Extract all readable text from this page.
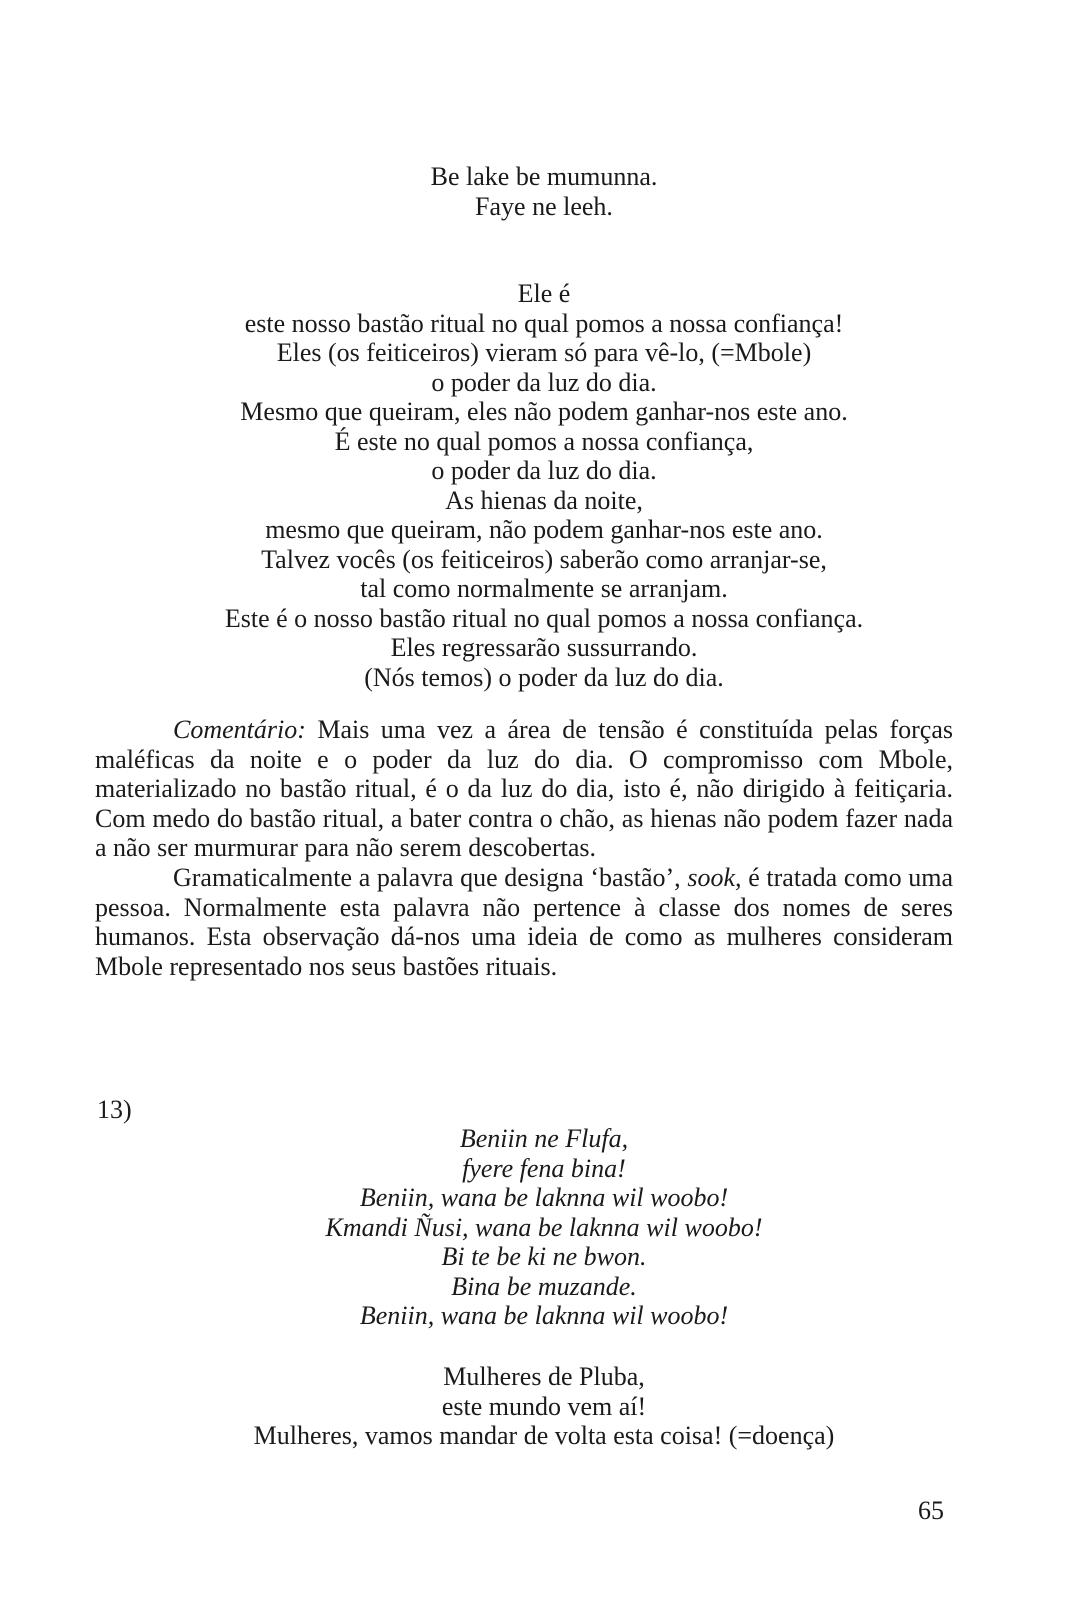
Be lake be mumunna.
Faye ne leeh.
Ele é
este nosso bastão ritual no qual pomos a nossa confiança!
Eles (os feiticeiros) vieram só para vê-lo, (=Mbole)
o poder da luz do dia.
Mesmo que queiram, eles não podem ganhar-nos este ano.
É este no qual pomos a nossa confiança,
o poder da luz do dia.
As hienas da noite,
mesmo que queiram, não podem ganhar-nos este ano.
Talvez vocês (os feiticeiros) saberão como arranjar-se,
tal como normalmente se arranjam.
Este é o nosso bastão ritual no qual pomos a nossa confiança.
Eles regressarão sussurrando.
(Nós temos) o poder da luz do dia.

Comentário: Mais uma vez a área de tensão é constituída pelas forças maléficas da noite e o poder da luz do dia. O compromisso com Mbole, materializado no bastão ritual, é o da luz do dia, isto é, não dirigido à feitiçaria. Com medo do bastão ritual, a bater contra o chão, as hienas não podem fazer nada a não ser murmurar para não serem descobertas.

Gramaticalmente a palavra que designa ‘bastão’, sook, é tratada como uma pessoa. Normalmente esta palavra não pertence à classe dos nomes de seres humanos. Esta observação dá-nos uma ideia de como as mulheres consideram Mbole representado nos seus bastões rituais.

13)
Beniin ne Flufa,
fyere fena bina!
Beniin, wana be laknna wil woobo!
Kmandi Ñusi, wana be laknna wil woobo!
Bi te be ki ne bwon.
Bina be muzande.
Beniin, wana be laknna wil woobo!
Mulheres de Pluba,
este mundo vem aí!
Mulheres, vamos mandar de volta esta coisa! (=doença)
65
